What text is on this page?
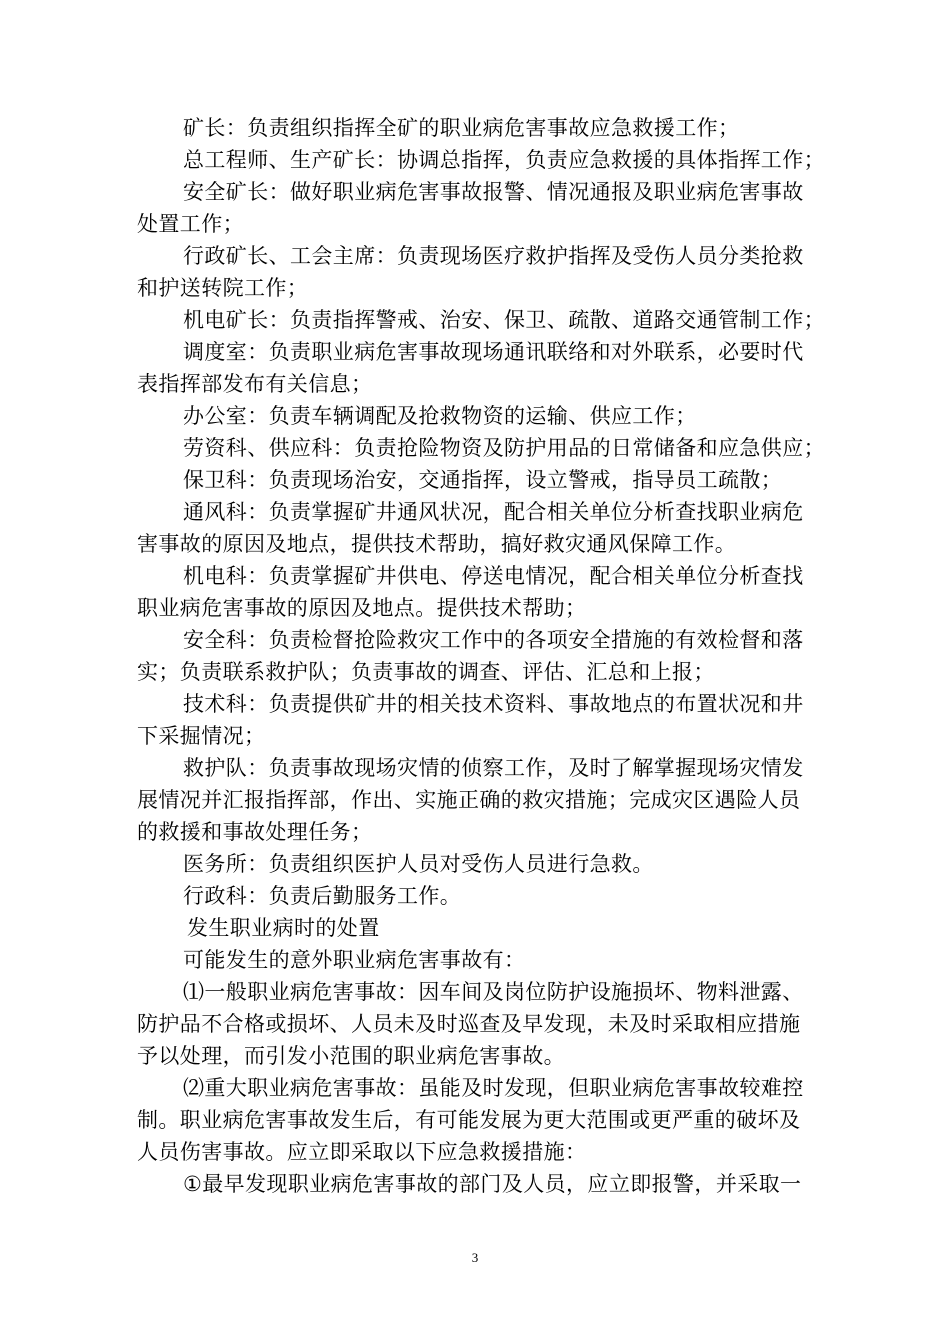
矿长：负责组织指挥全矿的职业病危害事故应急救援工作；
总工程师、生产矿长：协调总指挥，负责应急救援的具体指挥工作；
安全矿长：做好职业病危害事故报警、情况通报及职业病危害事故
处置工作；
行政矿长、工会主席：负责现场医疗救护指挥及受伤人员分类抢救
和护送转院工作；
机电矿长：负责指挥警戒、治安、保卫、疏散、道路交通管制工作；
调度室：负责职业病危害事故现场通讯联络和对外联系，必要时代
表指挥部发布有关信息；
办公室：负责车辆调配及抢救物资的运输、供应工作；
劳资科、供应科：负责抢险物资及防护用品的日常储备和应急供应；
保卫科：负责现场治安，交通指挥，设立警戒，指导员工疏散；
通风科：负责掌握矿井通风状况，配合相关单位分析查找职业病危
害事故的原因及地点，提供技术帮助，搞好救灾通风保障工作。
机电科：负责掌握矿井供电、停送电情况，配合相关单位分析查找
职业病危害事故的原因及地点。提供技术帮助；
安全科：负责检督抢险救灾工作中的各项安全措施的有效检督和落
实；负责联系救护队；负责事故的调查、评估、汇总和上报；
技术科：负责提供矿井的相关技术资料、事故地点的布置状况和井
下采掘情况；
救护队：负责事故现场灾情的侦察工作，及时了解掌握现场灾情发
展情况并汇报指挥部，作出、实施正确的救灾措施；完成灾区遇险人员
的救援和事故处理任务；
医务所：负责组织医护人员对受伤人员进行急救。
行政科：负责后勤服务工作。
发生职业病时的处置
可能发生的意外职业病危害事故有：
⑴一般职业病危害事故：因车间及岗位防护设施损坏、物料泄露、
防护品不合格或损坏、人员未及时巡查及早发现，未及时采取相应措施
予以处理，而引发小范围的职业病危害事故。
⑵重大职业病危害事故：虽能及时发现，但职业病危害事故较难控
制。职业病危害事故发生后，有可能发展为更大范围或更严重的破坏及
人员伤害事故。应立即采取以下应急救援措施：
①最早发现职业病危害事故的部门及人员，应立即报警，并采取一
3
